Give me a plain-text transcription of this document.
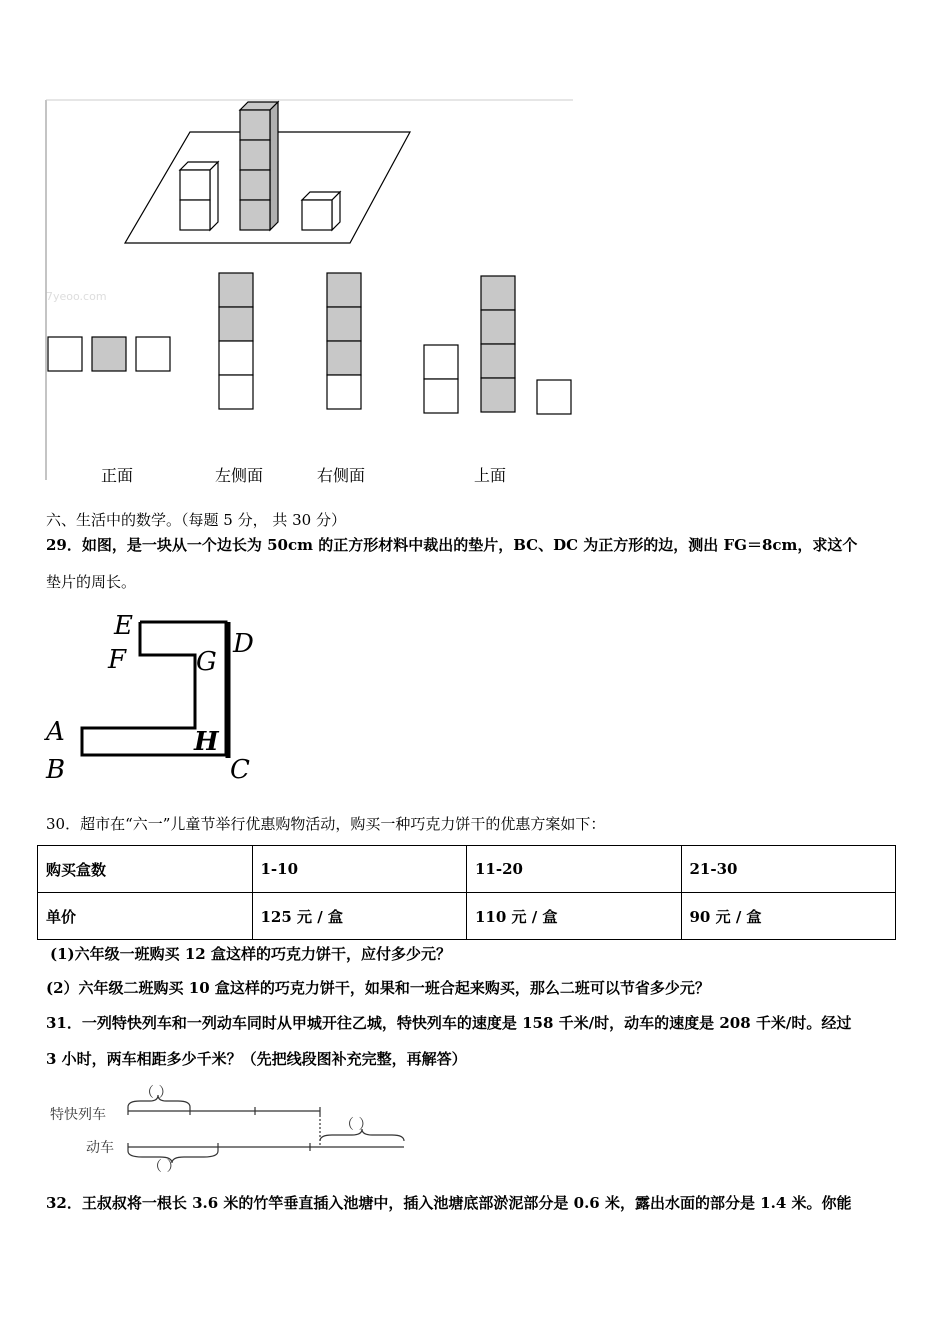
7yeoo.com
正面	左侧面	右侧面	上面
六、生活中的数学。（每题 5 分， 共 30 分）
29．如图，是一块从一个边长为 50cm 的正方形材料中裁出的垫片，BC、DC 为正方形的边，测出 FG＝8cm，求这个
垫片的周长。
E
F	G
D
A
B
H
C
30．超市在“六一”儿童节举行优惠购物活动，购买一种巧克力饼干的优惠方案如下：
购买盒数	1-10	11-20	21-30
单价	125 元 / 盒	110 元 / 盒	90 元 / 盒
(1)六年级一班购买 12 盒这样的巧克力饼干，应付多少元？
(2）六年级二班购买 10 盒这样的巧克力饼干，如果和一班合起来购买，那么二班可以节省多少元？
31．一列特快列车和一列动车同时从甲城开往乙城，特快列车的速度是 158 千米/时，动车的速度是 208 千米/时。经过
3 小时，两车相距多少千米？（先把线段图补充完整，再解答）
特快列车
动车
（ ）
（ ）
（ ）
32．王叔叔将一根长 3.6 米的竹竿垂直插入池塘中，插入池塘底部淤泥部分是 0.6 米，露出水面的部分是 1.4 米。你能
